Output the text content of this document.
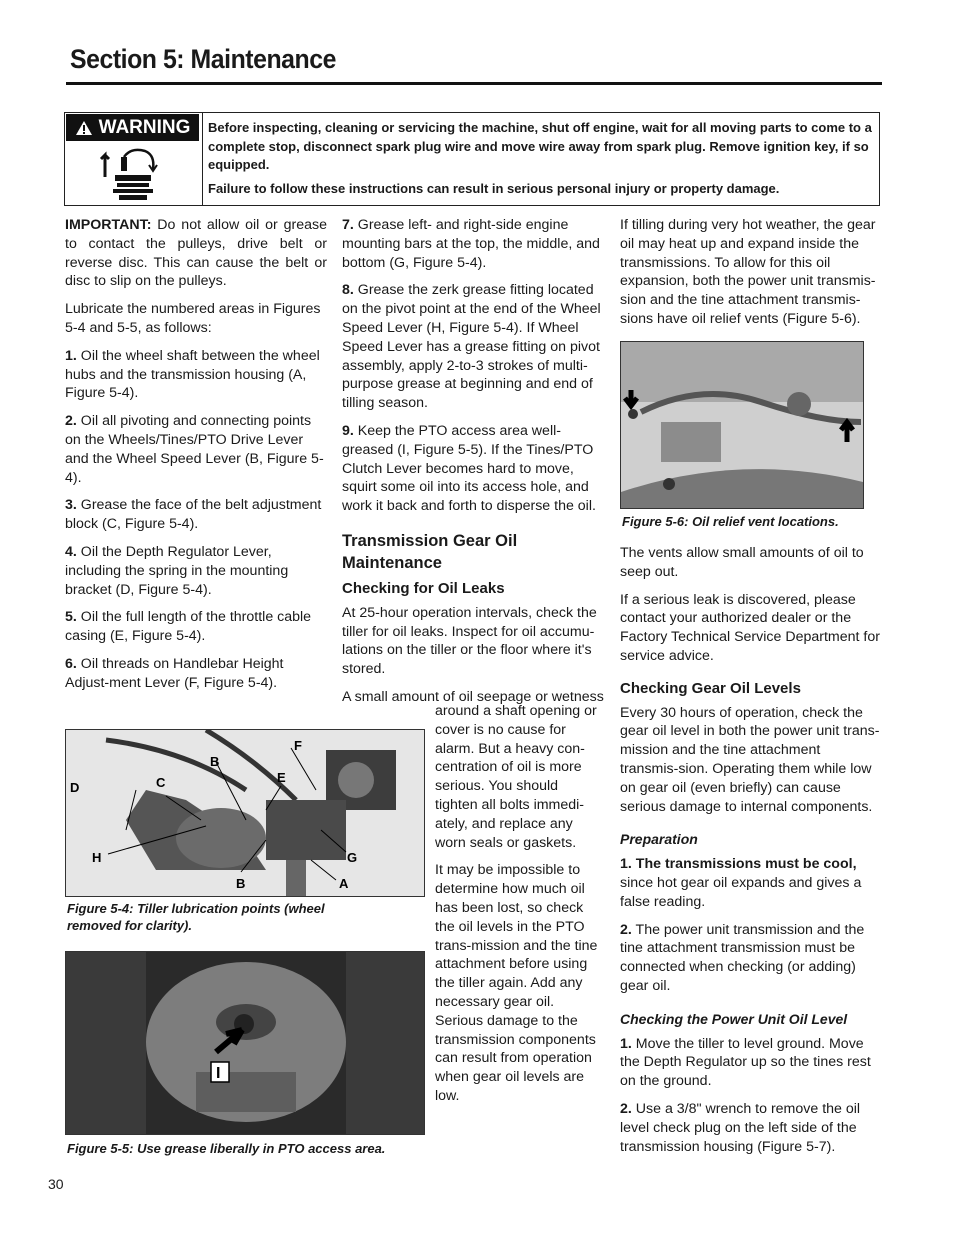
Section 5: Maintenance
WARNING Before inspecting, cleaning or servicing the machine, shut off engine, wait for all moving parts to come to a complete stop, disconnect spark plug wire and move wire away from spark plug. Remove ignition key, if so equipped.

Failure to follow these instructions can result in serious personal injury or property damage.

IMPORTANT: Do not allow oil or grease to contact the pulleys, drive belt or reverse disc. This can cause the belt or disc to slip on the pulleys.

Lubricate the numbered areas in Figures 5-4 and 5-5, as follows:

1. Oil the wheel shaft between the wheel hubs and the transmission housing (A, Figure 5-4).

2. Oil all pivoting and connecting points on the Wheels/Tines/PTO Drive Lever and the Wheel Speed Lever (B, Figure 5-4).

3. Grease the face of the belt adjustment block (C, Figure 5-4).

4. Oil the Depth Regulator Lever, including the spring in the mounting bracket (D, Figure 5-4).

5. Oil the full length of the throttle cable casing (E, Figure 5-4).

6. Oil threads on Handlebar Height Adjust-ment Lever (F, Figure 5-4).

7. Grease left- and right-side engine mounting bars at the top, the middle, and bottom (G, Figure 5-4).

8. Grease the zerk grease fitting located on the pivot point at the end of the Wheel Speed Lever (H, Figure 5-4). If Wheel Speed Lever has a grease fitting on pivot assembly, apply 2-to-3 strokes of multi-purpose grease at beginning and end of tilling season.

9. Keep the PTO access area well-greased (I, Figure 5-5). If the Tines/PTO Clutch Lever becomes hard to move, squirt some oil into its access hole, and work it back and forth to disperse the oil.

Transmission Gear Oil Maintenance
Checking for Oil Leaks

At 25-hour operation intervals, check the tiller for oil leaks. Inspect for oil accumu-lations on the tiller or the floor where it's stored.

A small amount of oil seepage or wetness

around a shaft opening or cover is no cause for alarm. But a heavy con-centration of oil is more serious. You should tighten all bolts immedi-ately, and replace any worn seals or gaskets.

It may be impossible to determine how much oil has been lost, so check the oil levels in the PTO trans-mission and the tine attachment before using the tiller again. Add any necessary gear oil. Serious damage to the transmission components can result from operation when gear oil levels are low.

If tilling during very hot weather, the gear oil may heat up and expand inside the transmissions. To allow for this oil expansion, both the power unit transmis-sion and the tine attachment transmis-sions have oil relief vents (Figure 5-6).

Figure 5-6: Oil relief vent locations.

The vents allow small amounts of oil to seep out.

If a serious leak is discovered, please contact your authorized dealer or the Factory Technical Service Department for service advice.

Checking Gear Oil Levels

Every 30 hours of operation, check the gear oil level in both the power unit trans-mission and the tine attachment transmis-sion. Operating them while low on gear oil (even briefly) can cause serious damage to internal components.

Preparation

1. The transmissions must be cool,
since hot gear oil expands and gives a false reading.

2. The power unit transmission and the tine attachment transmission must be connected when checking (or adding) gear oil.

Checking the Power Unit Oil Level

1. Move the tiller to level ground. Move the Depth Regulator up so the tines rest on the ground.

2. Use a 3/8" wrench to remove the oil level check plug on the left side of the transmission housing (Figure 5-7).

F
B
E
D	C
H	G
B	A
Figure 5-4: Tiller lubrication points (wheel removed for clarity).
I
Figure 5-5: Use grease liberally in PTO access area.
30
